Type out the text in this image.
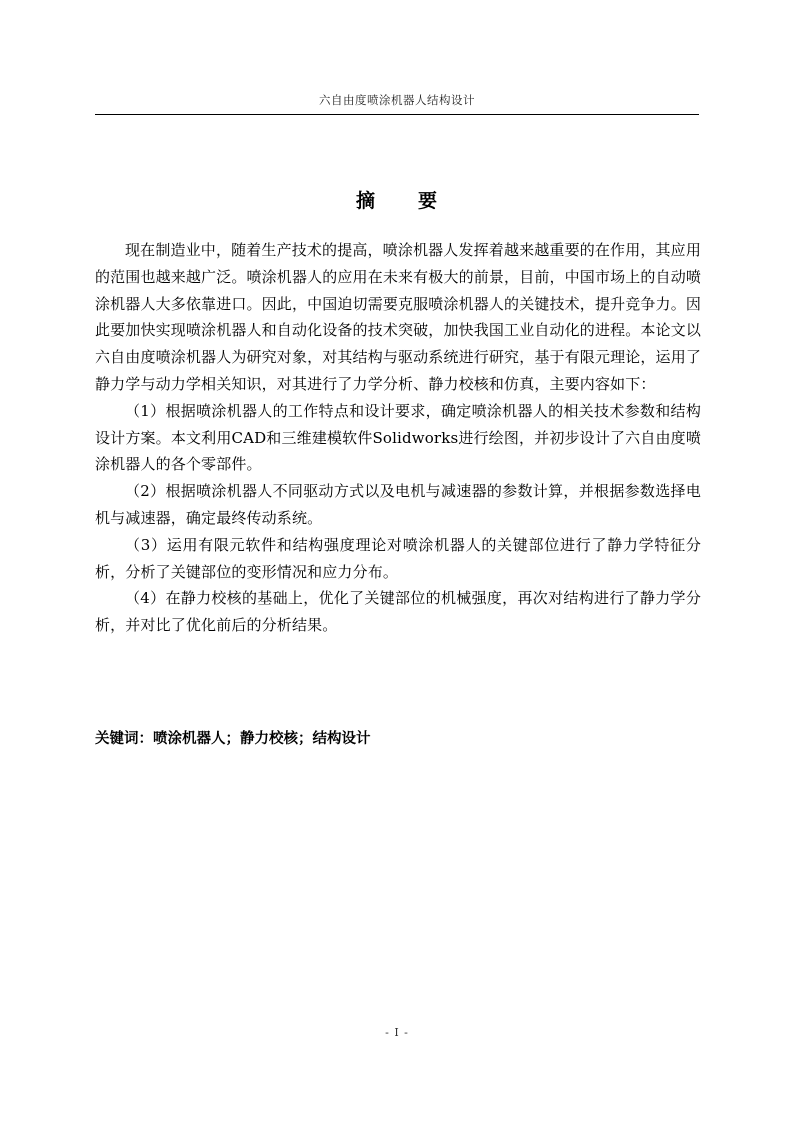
六自由度喷涂机器人结构设计
摘 要

现在制造业中，随着生产技术的提高，喷涂机器人发挥着越来越重要的在作用，其应用的范围也越来越广泛。喷涂机器人的应用在未来有极大的前景，目前，中国市场上的自动喷涂机器人大多依靠进口。因此，中国迫切需要克服喷涂机器人的关键技术，提升竞争力。因此要加快实现喷涂机器人和自动化设备的技术突破，加快我国工业自动化的进程。本论文以六自由度喷涂机器人为研究对象，对其结构与驱动系统进行研究，基于有限元理论，运用了静力学与动力学相关知识，对其进行了力学分析、静力校核和仿真，主要内容如下：

（1）根据喷涂机器人的工作特点和设计要求，确定喷涂机器人的相关技术参数和结构设计方案。本文利用CAD和三维建模软件Solidworks进行绘图，并初步设计了六自由度喷涂机器人的各个零部件。

（2）根据喷涂机器人不同驱动方式以及电机与减速器的参数计算，并根据参数选择电机与减速器，确定最终传动系统。

（3）运用有限元软件和结构强度理论对喷涂机器人的关键部位进行了静力学特征分析，分析了关键部位的变形情况和应力分布。

（4）在静力校核的基础上，优化了关键部位的机械强度，再次对结构进行了静力学分析，并对比了优化前后的分析结果。

关键词：喷涂机器人；静力校核；结构设计
- I -
